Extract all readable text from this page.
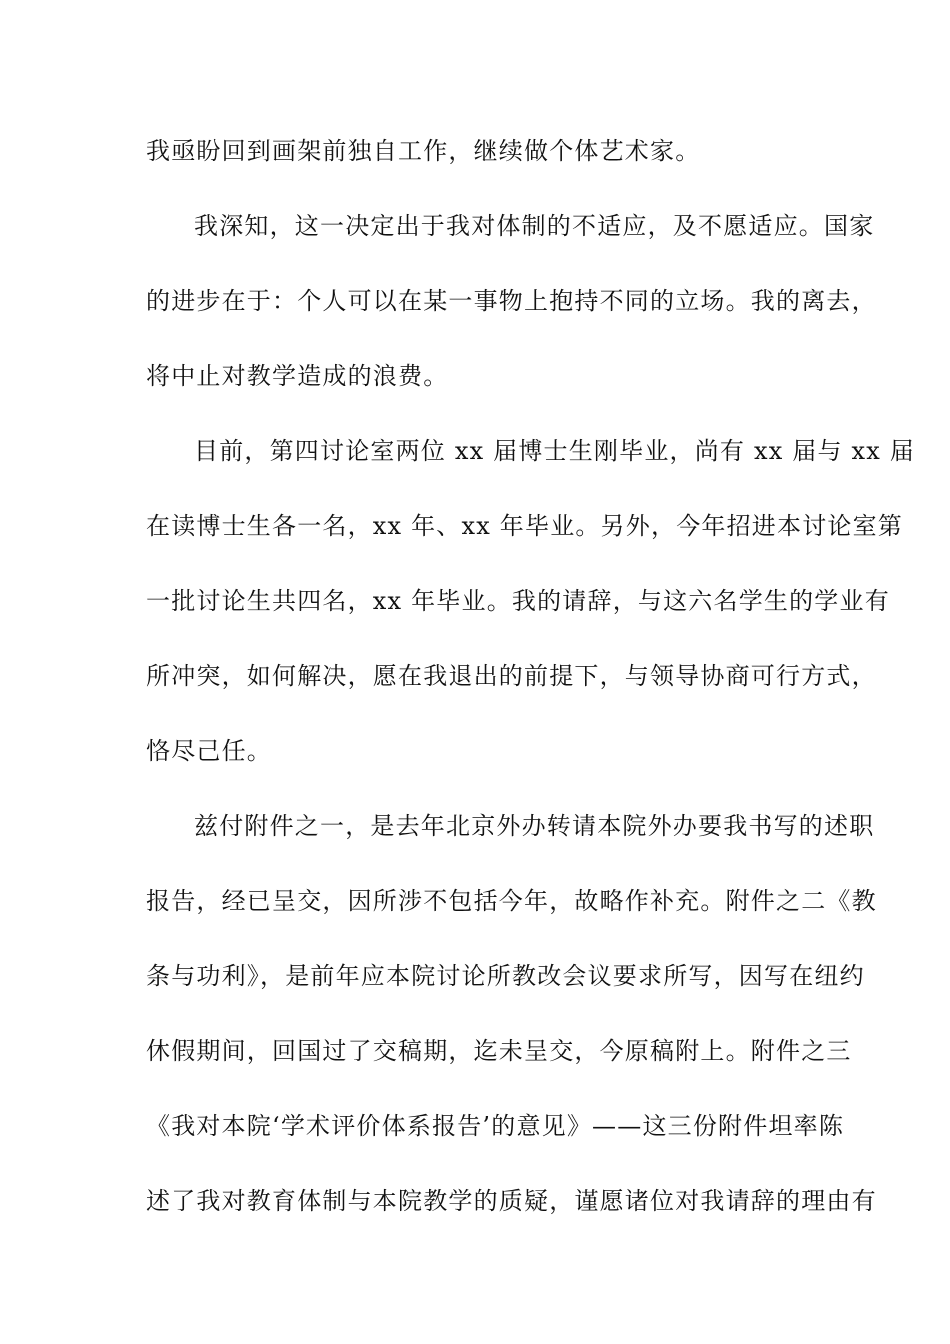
我亟盼回到画架前独自工作，继续做个体艺术家。
我深知，这一决定出于我对体制的不适应，及不愿适应。国家
的进步在于：个人可以在某一事物上抱持不同的立场。我的离去，
将中止对教学造成的浪费。
目前，第四讨论室两位 xx 届博士生刚毕业，尚有 xx 届与 xx 届
在读博士生各一名，xx 年、xx 年毕业。另外，今年招进本讨论室第
一批讨论生共四名，xx 年毕业。我的请辞，与这六名学生的学业有
所冲突，如何解决，愿在我退出的前提下，与领导协商可行方式，
恪尽己任。
兹付附件之一，是去年北京外办转请本院外办要我书写的述职
报告，经已呈交，因所涉不包括今年，故略作补充。附件之二《教
条与功利》，是前年应本院讨论所教改会议要求所写，因写在纽约
休假期间，回国过了交稿期，迄未呈交，今原稿附上。附件之三
《我对本院‘学术评价体系报告’的意见》——这三份附件坦率陈
述了我对教育体制与本院教学的质疑，谨愿诸位对我请辞的理由有
